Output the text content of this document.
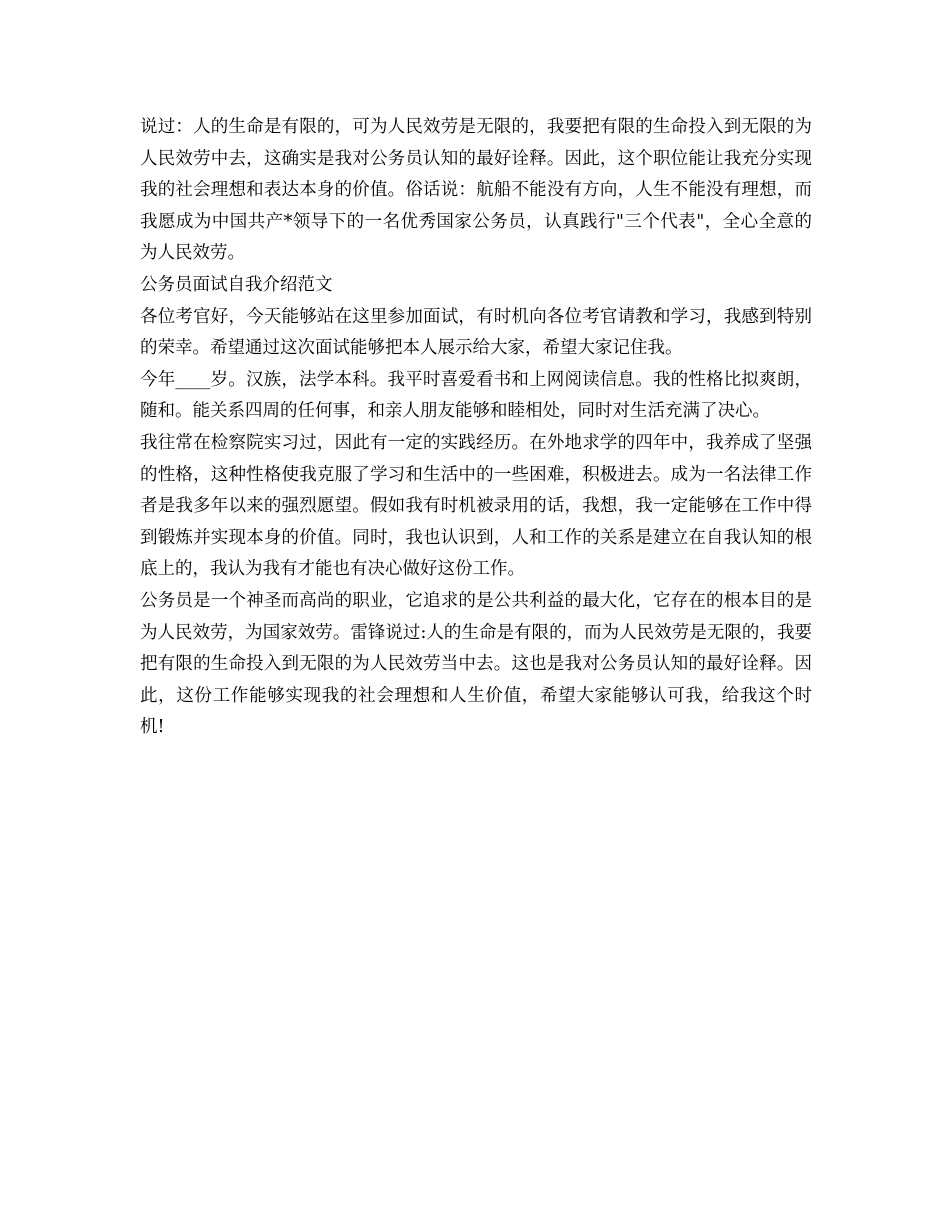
说过：人的生命是有限的，可为人民效劳是无限的，我要把有限的生命投入到无限的为人民效劳中去，这确实是我对公务员认知的最好诠释。因此，这个职位能让我充分实现我的社会理想和表达本身的价值。俗话说：航船不能没有方向，人生不能没有理想，而我愿成为中国共产*领导下的一名优秀国家公务员，认真践行"三个代表"，全心全意的为人民效劳。

公务员面试自我介绍范文

各位考官好，今天能够站在这里参加面试，有时机向各位考官请教和学习，我感到特别的荣幸。希望通过这次面试能够把本人展示给大家，希望大家记住我。

今年____岁。汉族，法学本科。我平时喜爱看书和上网阅读信息。我的性格比拟爽朗，随和。能关系四周的任何事，和亲人朋友能够和睦相处，同时对生活充满了决心。

我往常在检察院实习过，因此有一定的实践经历。在外地求学的四年中，我养成了坚强的性格，这种性格使我克服了学习和生活中的一些困难，积极进去。成为一名法律工作者是我多年以来的强烈愿望。假如我有时机被录用的话，我想，我一定能够在工作中得到锻炼并实现本身的价值。同时，我也认识到，人和工作的关系是建立在自我认知的根底上的，我认为我有才能也有决心做好这份工作。

公务员是一个神圣而高尚的职业，它追求的是公共利益的最大化，它存在的根本目的是为人民效劳，为国家效劳。雷锋说过:人的生命是有限的，而为人民效劳是无限的，我要把有限的生命投入到无限的为人民效劳当中去。这也是我对公务员认知的最好诠释。因此，这份工作能够实现我的社会理想和人生价值，希望大家能够认可我，给我这个时机!
